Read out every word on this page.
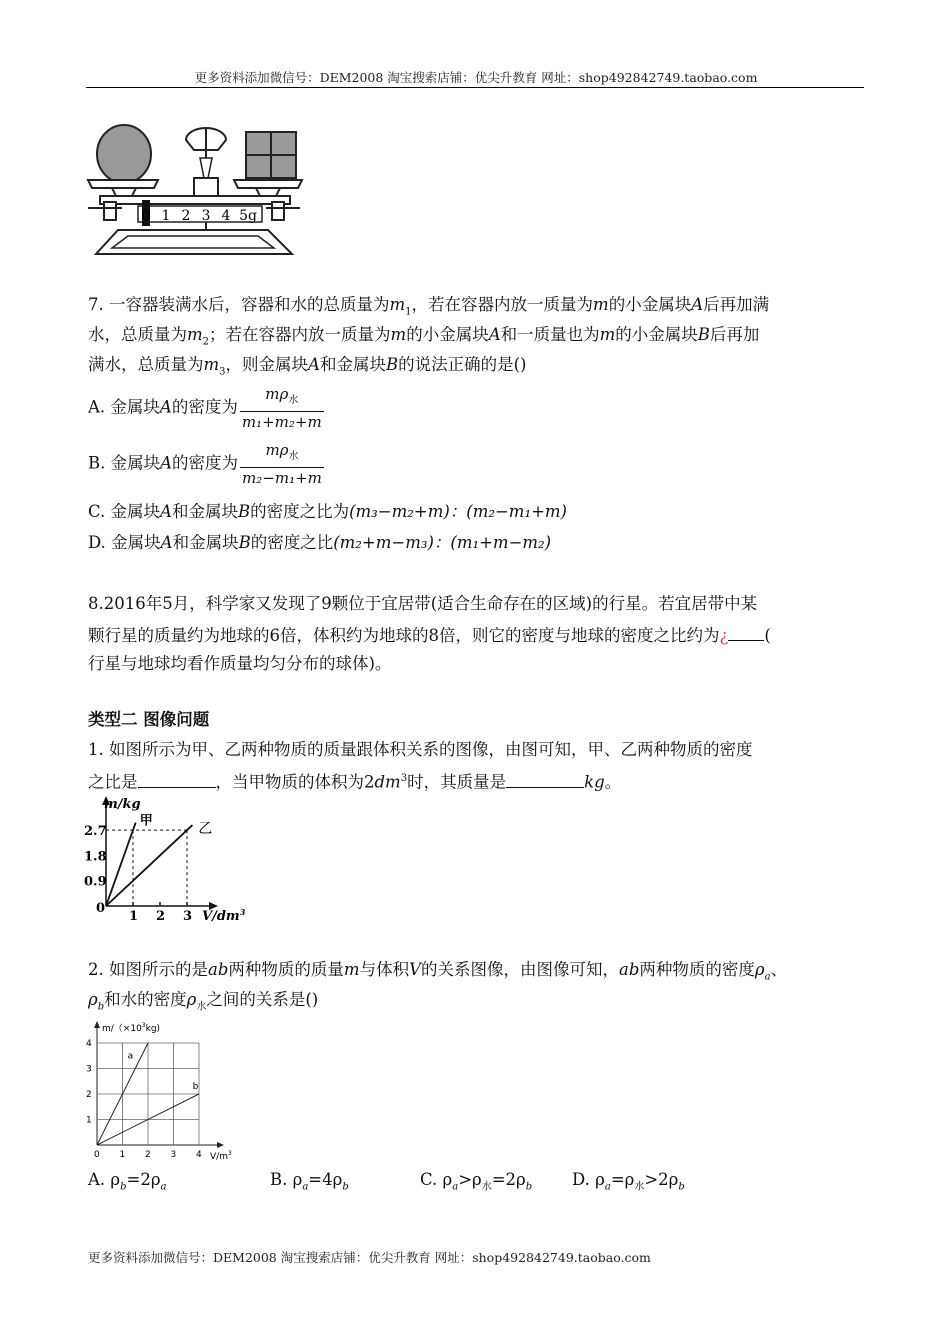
更多资料添加微信号：DEM2008 淘宝搜索店铺：优尖升教育 网址：shop492842749.taobao.com
0 1 2 3 4 5g
7. 一容器装满水后，容器和水的总质量为$m_1$，若在容器内放一质量为m的小金属块A后再加满
水，总质量为$m_2$；若在容器内放一质量为m的小金属块A和一质量也为m的小金属块B后再加
满水，总质量为$m_3$，则金属块A和金属块B的说法正确的是()
A. 金属块A的密度为 $\frac{m\rho_水}{\text{m₁+m₂+m}}$
B. 金属块A的密度为 $\frac{m\rho_水}{\text{m₂−m₁+m}}$
C. 金属块A和金属块B的密度之比为(m₃−m₂+m)：(m₂−m₁+m)
D. 金属块A和金属块B的密度之比(m₂+m−m₃)：(m₁+m−m₂)
8.2016年5月，科学家又发现了9颗位于宜居带(适合生命存在的区域)的行星。若宜居带中某
颗行星的质量约为地球的6倍，体积约为地球的8倍，则它的密度与地球的密度之比约为¿ (
行星与地球均看作质量均匀分布的球体)。
类型二 图像问题
1. 如图所示为甲、乙两种物质的质量跟体积关系的图像，由图可知，甲、乙两种物质的密度
之比是	，当甲物质的体积为$2dm^3$时，其质量是	kg。
m/kg
$V/dm^3$
0
0.9
1.8
2.7
1 2 3
甲	乙
2. 如图所示的是ab两种物质的质量m与体积V的关系图像，由图像可知，ab两种物质的密度$\rho_a$、
$\rho_b$和水的密度$\rho_水$之间的关系是()
$m/(\times 10^3kg)$
$V/m^3$
1
2
3
4
0 1 2 3 4
a
b
A. $\rho_b=2\rho_a$	B. $\rho_a=4\rho_b$	C. $\rho_a>\rho_水=2\rho_b$ D. $\rho_a=\rho_水>2\rho_b$
更多资料添加微信号：DEM2008 淘宝搜索店铺：优尖升教育 网址：shop492842749.taobao.com
